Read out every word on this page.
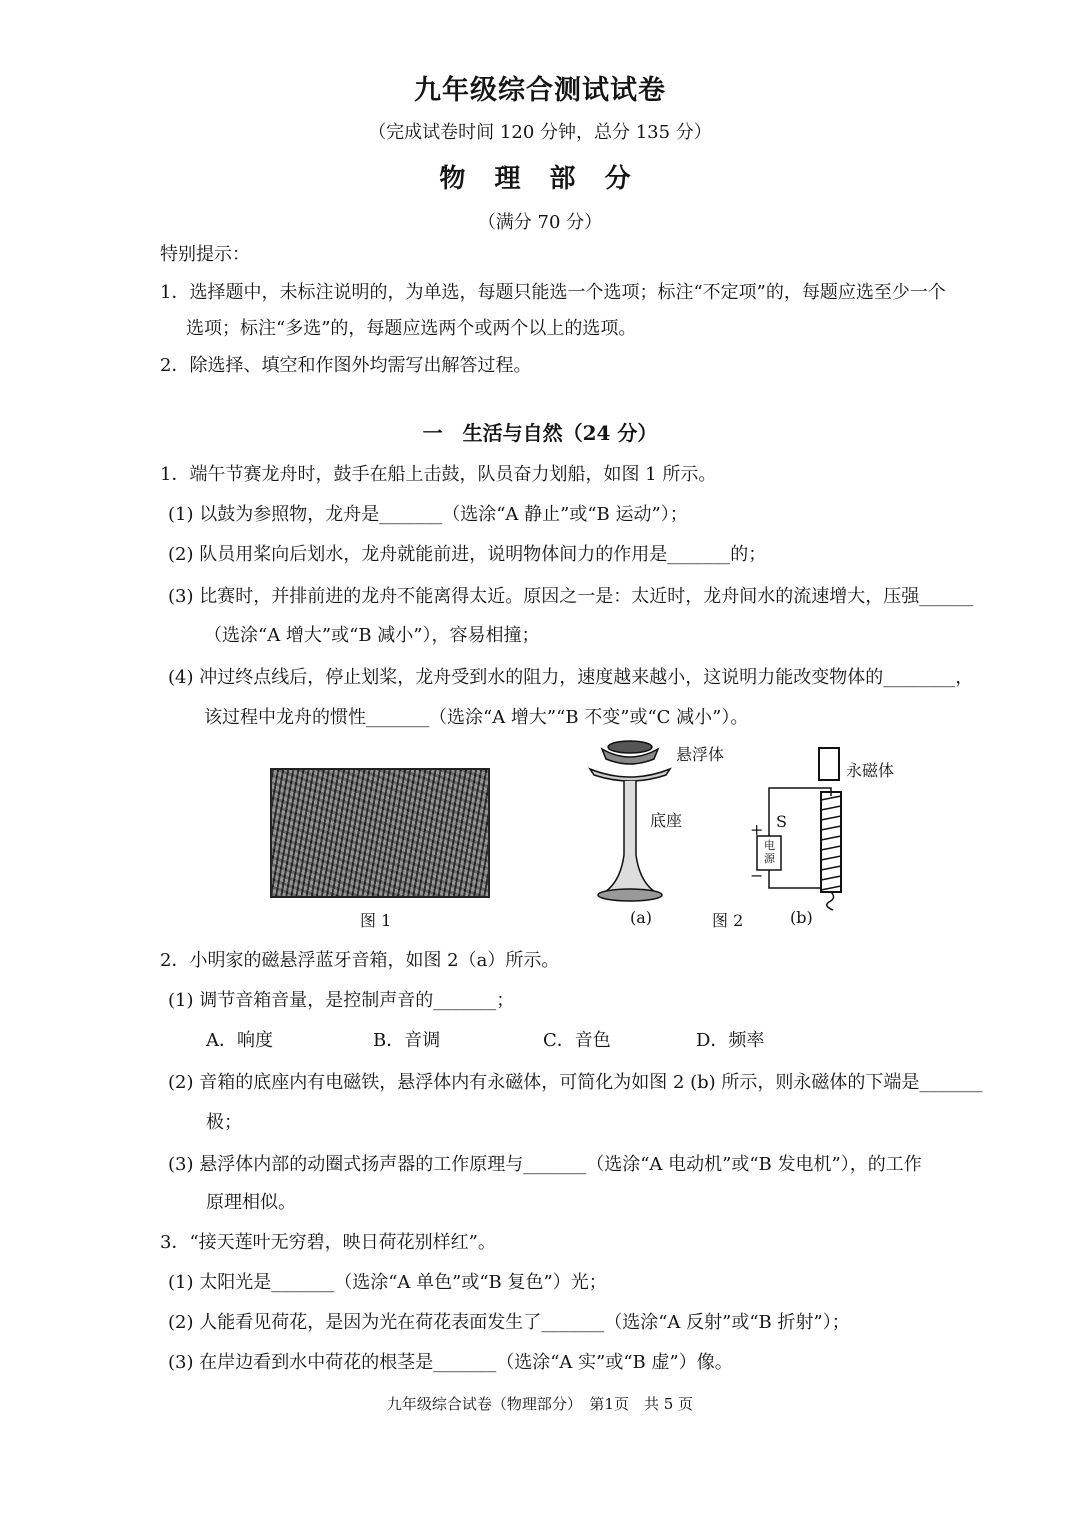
九年级综合测试试卷
（完成试卷时间 120 分钟，总分 135 分）
物 理 部 分
（满分 70 分）
特别提示：
1．选择题中，未标注说明的，为单选，每题只能选一个选项；标注“不定项”的，每题应选至少一个
选项；标注“多选”的，每题应选两个或两个以上的选项。
2．除选择、填空和作图外均需写出解答过程。
一　生活与自然（24 分）
1．端午节赛龙舟时，鼓手在船上击鼓，队员奋力划船，如图 1 所示。
(1) 以鼓为参照物，龙舟是_______（选涂“A 静止”或“B 运动”）；
(2) 队员用桨向后划水，龙舟就能前进，说明物体间力的作用是_______的；
(3) 比赛时，并排前进的龙舟不能离得太近。原因之一是：太近时，龙舟间水的流速增大，压强______
（选涂“A 增大”或“B 减小”），容易相撞；
(4) 冲过终点线后，停止划桨，龙舟受到水的阻力，速度越来越小，这说明力能改变物体的________，
该过程中龙舟的惯性_______（选涂“A 增大”“B 不变”或“C 减小”）。
图 1
悬浮体
底座
(a)	图 2
永磁体
S
+
−
电源
(b)
2．小明家的磁悬浮蓝牙音箱，如图 2（a）所示。
(1) 调节音箱音量，是控制声音的_______；
A．响度	B．音调	C．音色	D．频率
(2) 音箱的底座内有电磁铁，悬浮体内有永磁体，可简化为如图 2 (b) 所示，则永磁体的下端是_______
极；
(3) 悬浮体内部的动圈式扬声器的工作原理与_______（选涂“A 电动机”或“B 发电机”），的工作
原理相似。
3．“接天莲叶无穷碧，映日荷花别样红”。
(1) 太阳光是_______（选涂“A 单色”或“B 复色”）光；
(2) 人能看见荷花，是因为光在荷花表面发生了_______（选涂“A 反射”或“B 折射”）；
(3) 在岸边看到水中荷花的根茎是_______（选涂“A 实”或“B 虚”）像。
九年级综合试卷（物理部分）　第1页　共 5 页
